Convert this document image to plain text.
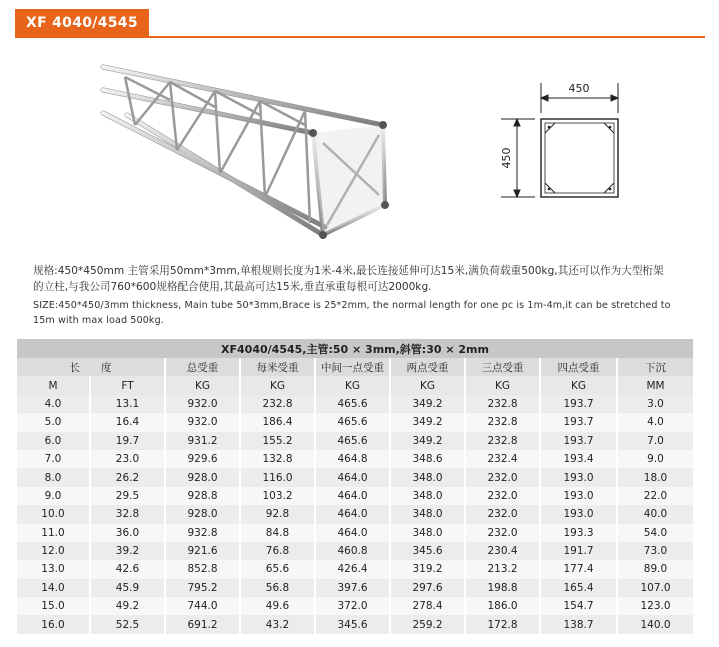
XF 4040/4545
450
450
规格:450*450mm 主管采用50mm*3mm,单根规则长度为1米-4米,最长连接延伸可达15米,满负荷载重500kg,其还可以作为大型桁架
的立柱,与我公司760*600规格配合使用,其最高可达15米,垂直承重每根可达2000kg.
SIZE:450*450/3mm thickness, Main tube 50*3mm,Brace is 25*2mm, the normal length for one pc is 1m-4m,it can be stretched to
15m with max load 500kg.
XF4040/4545,主管:50 × 3mm,斜管:30 × 2mm								
长　　度		总受重	每米受重	中间一点受重	两点受重	三点受重	四点受重	下沉
M	FT	KG	KG	KG	KG	KG	KG	MM
4.0	13.1	932.0	232.8	465.6	349.2	232.8	193.7	3.0
5.0	16.4	932.0	186.4	465.6	349.2	232.8	193.7	4.0
6.0	19.7	931.2	155.2	465.6	349.2	232.8	193.7	7.0
7.0	23.0	929.6	132.8	464.8	348.6	232.4	193.4	9.0
8.0	26.2	928.0	116.0	464.0	348.0	232.0	193.0	18.0
9.0	29.5	928.8	103.2	464.0	348.0	232.0	193.0	22.0
10.0	32.8	928.0	92.8	464.0	348.0	232.0	193.0	40.0
11.0	36.0	932.8	84.8	464.0	348.0	232.0	193.3	54.0
12.0	39.2	921.6	76.8	460.8	345.6	230.4	191.7	73.0
13.0	42.6	852.8	65.6	426.4	319.2	213.2	177.4	89.0
14.0	45.9	795.2	56.8	397.6	297.6	198.8	165.4	107.0
15.0	49.2	744.0	49.6	372.0	278.4	186.0	154.7	123.0
16.0	52.5	691.2	43.2	345.6	259.2	172.8	138.7	140.0
